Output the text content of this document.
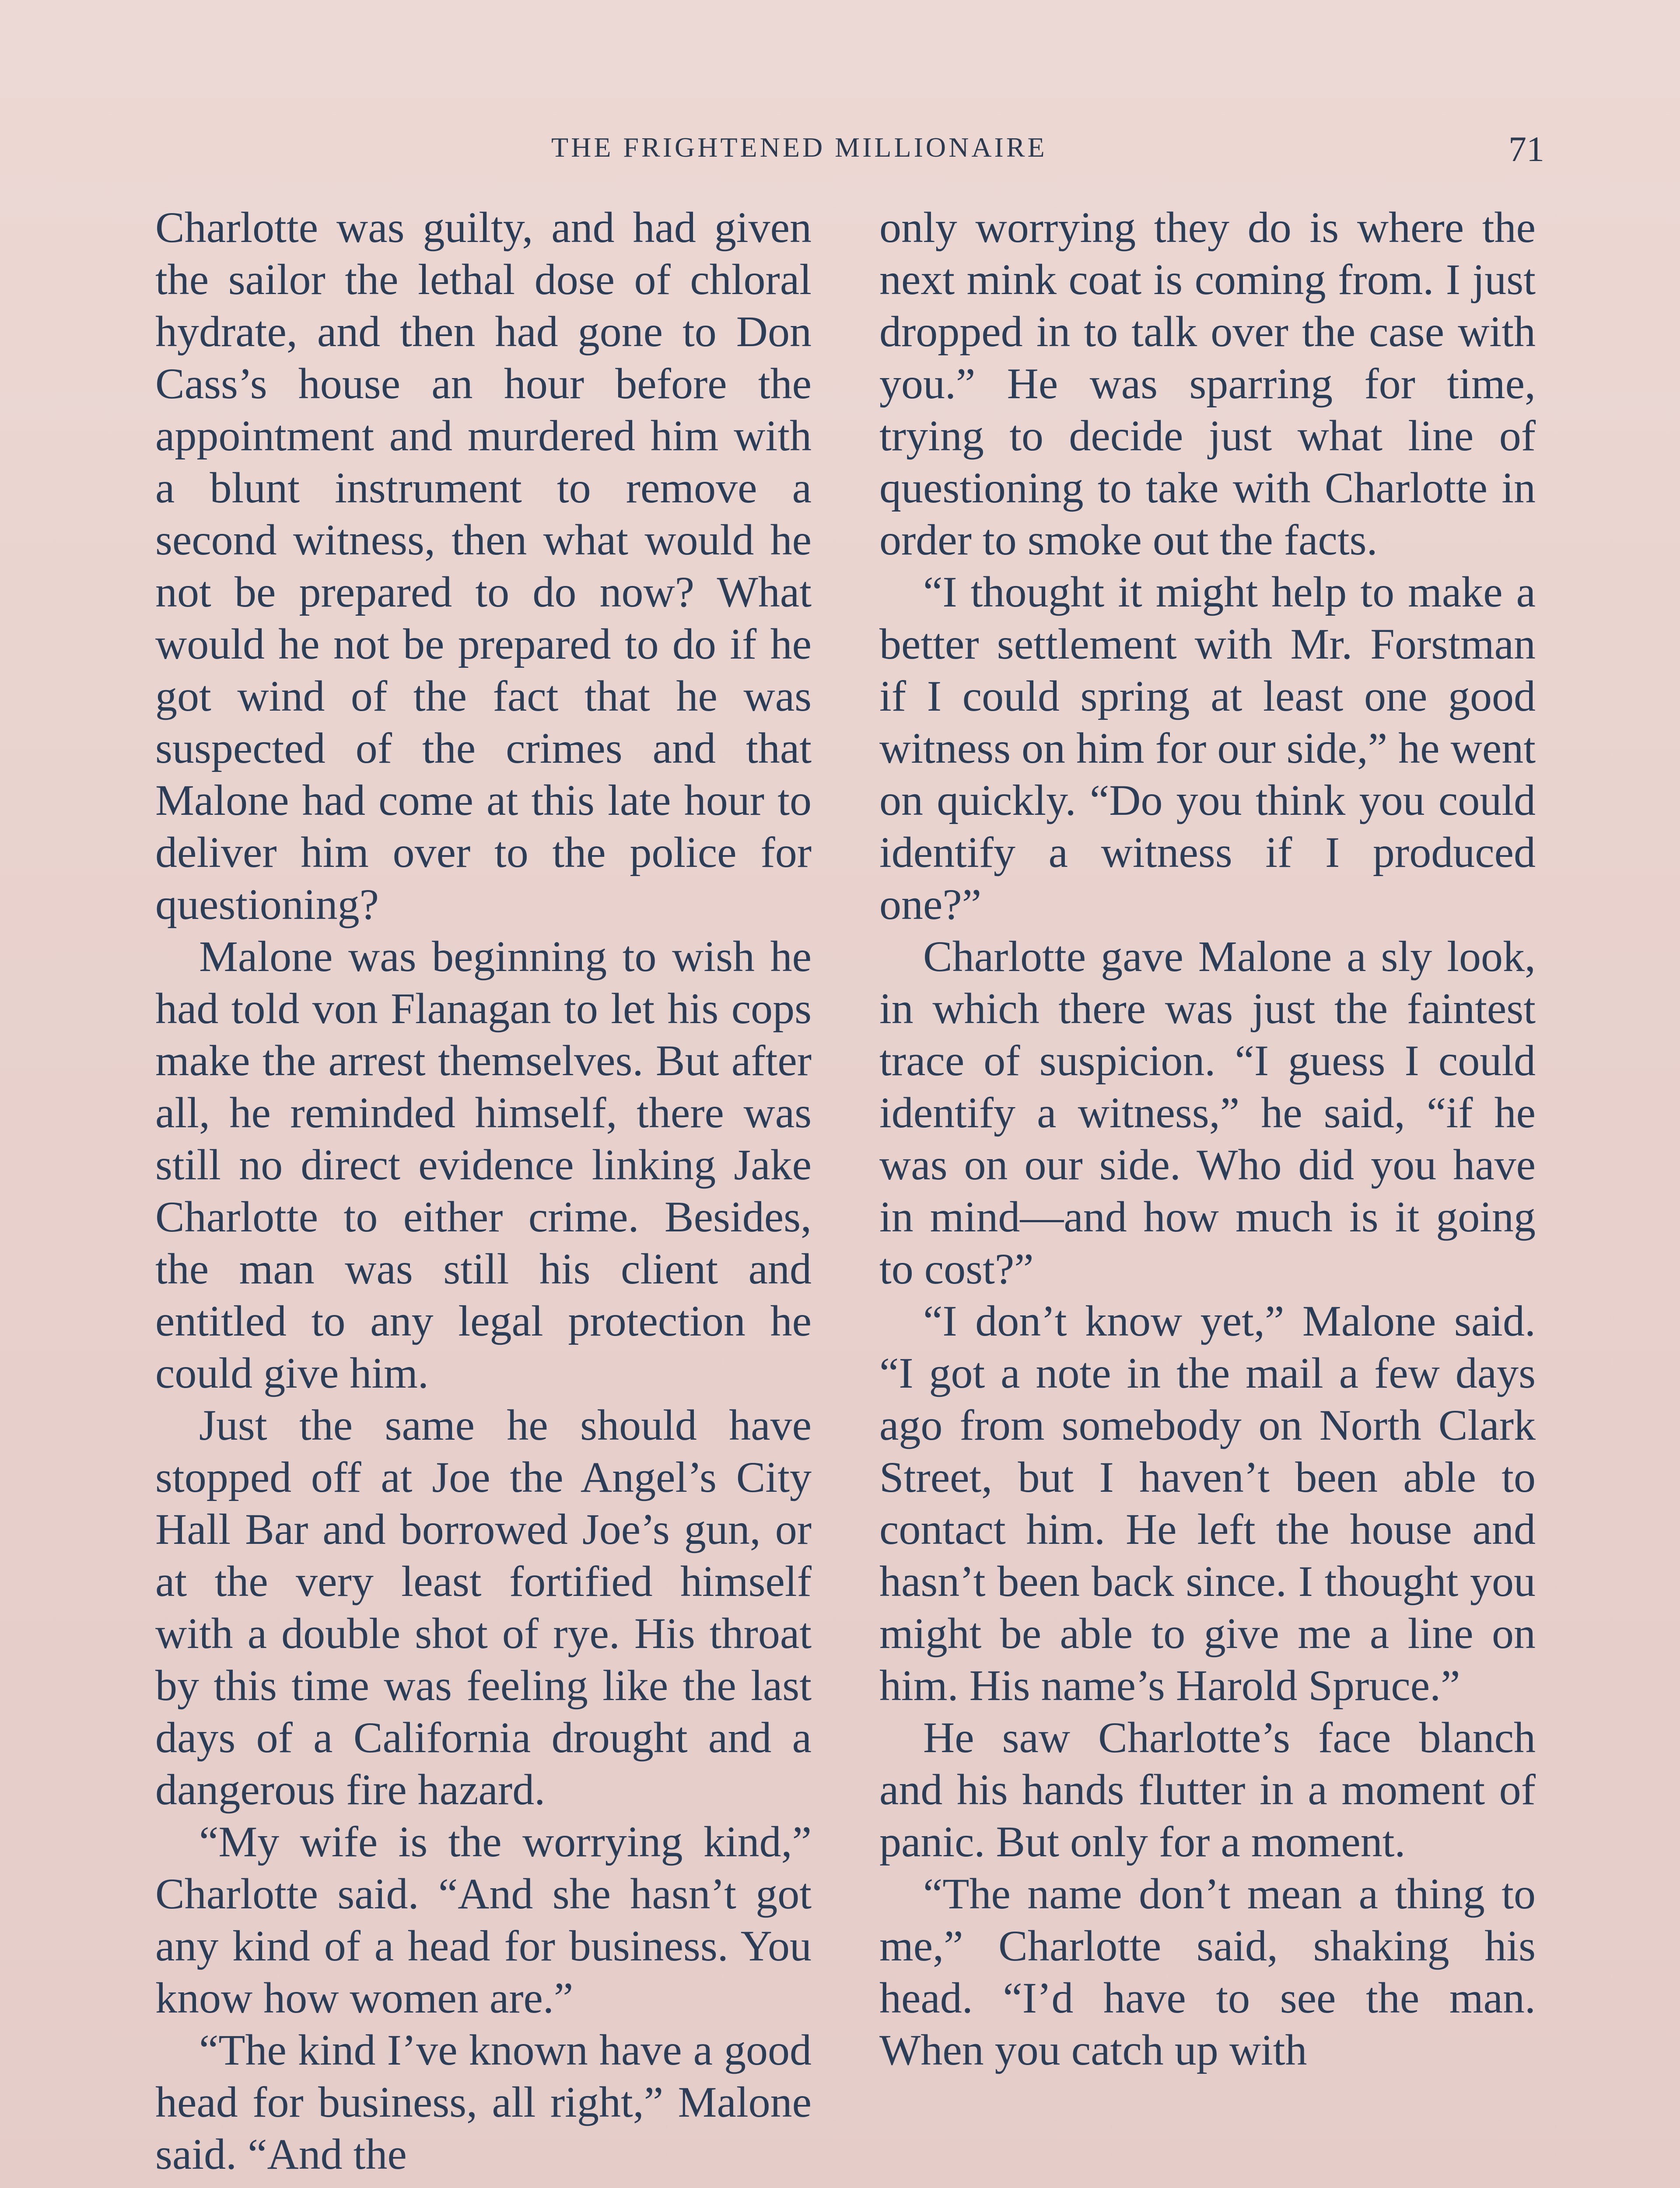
THE FRIGHTENED MILLIONAIRE	71

Charlotte was guilty, and had given the sailor the lethal dose of chloral hydrate, and then had gone to Don Cass’s house an hour before the appointment and murdered him with a blunt instrument to remove a second witness, then what would he not be prepared to do now? What would he not be prepared to do if he got wind of the fact that he was suspected of the crimes and that Malone had come at this late hour to deliver him over to the police for questioning?

Malone was beginning to wish he had told von Flanagan to let his cops make the arrest themselves. But after all, he reminded himself, there was still no direct evidence linking Jake Charlotte to either crime. Besides, the man was still his client and entitled to any legal protection he could give him.

Just the same he should have stopped off at Joe the Angel’s City Hall Bar and borrowed Joe’s gun, or at the very least fortified himself with a double shot of rye. His throat by this time was feeling like the last days of a California drought and a dangerous fire hazard.

“My wife is the worrying kind,” Charlotte said. “And she hasn’t got any kind of a head for business. You know how women are.”

“The kind I’ve known have a good head for business, all right,” Malone said. “And the

only worrying they do is where the next mink coat is coming from. I just dropped in to talk over the case with you.” He was sparring for time, trying to decide just what line of questioning to take with Charlotte in order to smoke out the facts.

“I thought it might help to make a better settlement with Mr. Forstman if I could spring at least one good witness on him for our side,” he went on quickly. “Do you think you could identify a witness if I produced one?”

Charlotte gave Malone a sly look, in which there was just the faintest trace of suspicion. “I guess I could identify a witness,” he said, “if he was on our side. Who did you have in mind—and how much is it going to cost?”

“I don’t know yet,” Malone said. “I got a note in the mail a few days ago from somebody on North Clark Street, but I haven’t been able to contact him. He left the house and hasn’t been back since. I thought you might be able to give me a line on him. His name’s Harold Spruce.”

He saw Charlotte’s face blanch and his hands flutter in a moment of panic. But only for a moment.

“The name don’t mean a thing to me,” Charlotte said, shaking his head. “I’d have to see the man. When you catch up with
